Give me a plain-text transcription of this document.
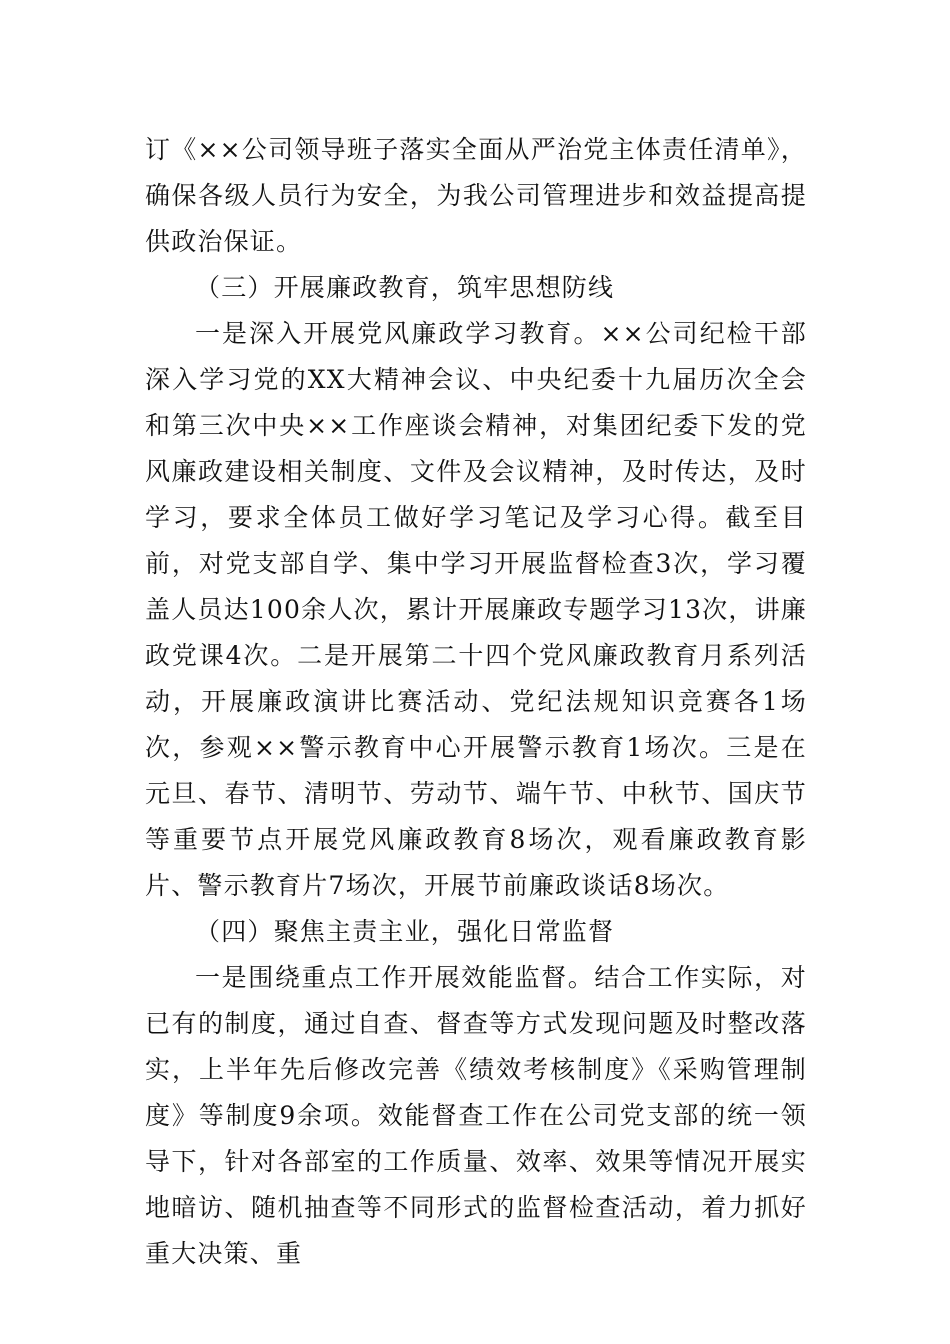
订《××公司领导班子落实全面从严治党主体责任清单》，确保各级人员行为安全，为我公司管理进步和效益提高提供政治保证。

（三）开展廉政教育，筑牢思想防线

一是深入开展党风廉政学习教育。××公司纪检干部深入学习党的XX大精神会议、中央纪委十九届历次全会和第三次中央××工作座谈会精神，对集团纪委下发的党风廉政建设相关制度、文件及会议精神，及时传达，及时学习，要求全体员工做好学习笔记及学习心得。截至目前，对党支部自学、集中学习开展监督检查3次，学习覆盖人员达100余人次，累计开展廉政专题学习13次，讲廉政党课4次。二是开展第二十四个党风廉政教育月系列活动，开展廉政演讲比赛活动、党纪法规知识竞赛各1场次，参观××警示教育中心开展警示教育1场次。三是在元旦、春节、清明节、劳动节、端午节、中秋节、国庆节等重要节点开展党风廉政教育8场次，观看廉政教育影片、警示教育片7场次，开展节前廉政谈话8场次。

（四）聚焦主责主业，强化日常监督

一是围绕重点工作开展效能监督。结合工作实际，对已有的制度，通过自查、督查等方式发现问题及时整改落实，上半年先后修改完善《绩效考核制度》《采购管理制度》等制度9余项。效能督查工作在公司党支部的统一领导下，针对各部室的工作质量、效率、效果等情况开展实地暗访、随机抽查等不同形式的监督检查活动，着力抓好重大决策、重
